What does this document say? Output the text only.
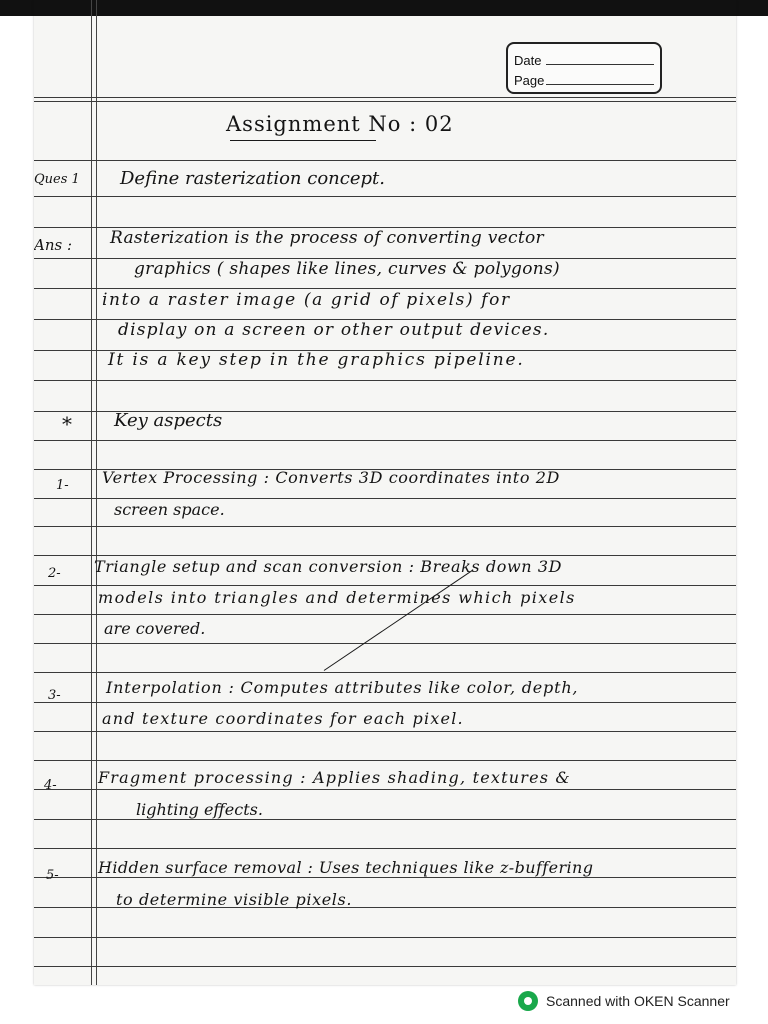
Date
Page
Assignment No : 02
Ques 1 Define rasterization concept.
Ans : Rasterization is the process of converting vector
graphics ( shapes like lines, curves & polygons)
into a raster image (a grid of pixels) for
display on a screen or other output devices.
It is a key step in the graphics pipeline.
* Key aspects
1- Vertex Processing : Converts 3D coordinates into 2D
screen space.
2- Triangle setup and scan conversion : Breaks down 3D
models into triangles and determines which pixels
are covered.
3-	Interpolation : Computes attributes like color, depth,
and texture coordinates for each pixel.
4-	Fragment processing : Applies shading, textures &
lighting effects.
5- Hidden surface removal : Uses techniques like z-buffering
to determine visible pixels.
Scanned with OKEN Scanner
